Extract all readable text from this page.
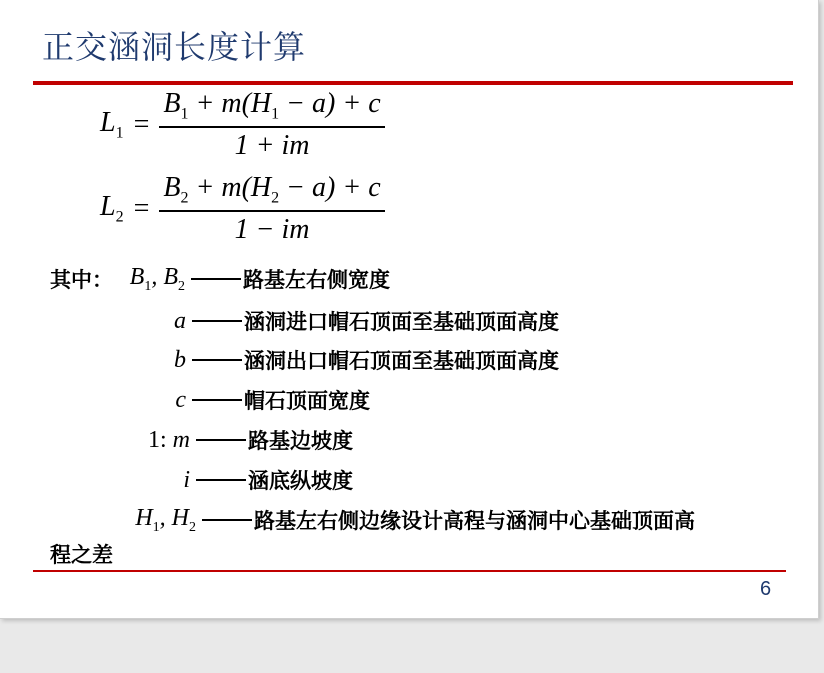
正交涵洞长度计算
$L_1 = \frac{B_1 + m(H_1 - a) + c}{1 + im}$
$L_2 = \frac{B_2 + m(H_2 - a) + c}{1 - im}$
其中： $B_1$, $B_2$	路基左右侧宽度
a	涵洞进口帽石顶面至基础顶面高度
b	涵洞出口帽石顶面至基础顶面高度
c	帽石顶面宽度
1: m	路基边坡度
i	涵底纵坡度
$H_1$, $H_2$	路基左右侧边缘设计高程与涵洞中心基础顶面高
程之差
6
